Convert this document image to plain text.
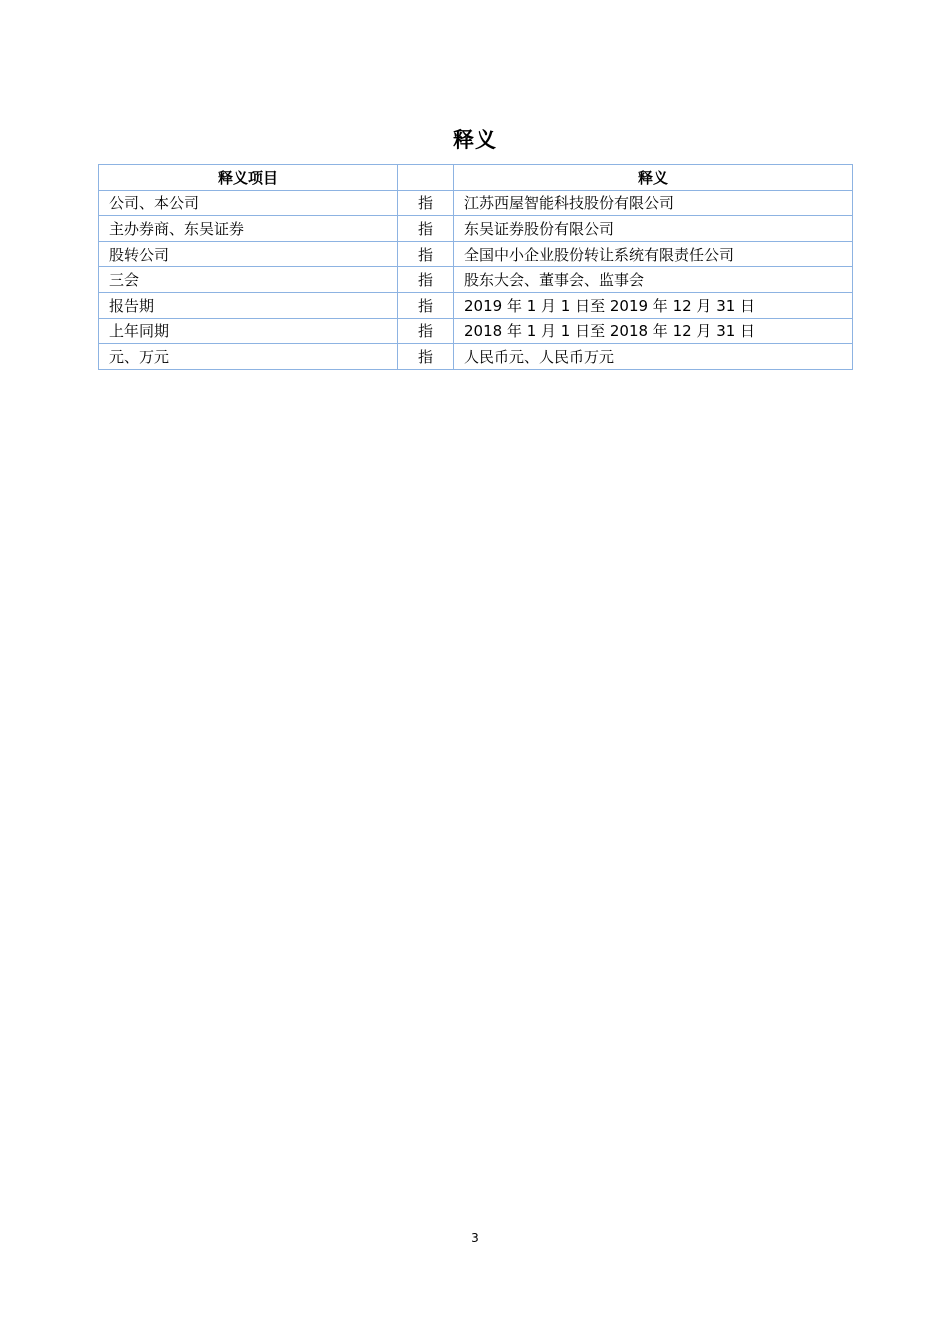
释义
释义项目		释义
公司、本公司	指	江苏西屋智能科技股份有限公司
主办券商、东吴证券	指	东吴证券股份有限公司
股转公司	指	全国中小企业股份转让系统有限责任公司
三会	指	股东大会、董事会、监事会
报告期	指	2019 年 1 月 1 日至 2019 年 12 月 31 日
上年同期	指	2018 年 1 月 1 日至 2018 年 12 月 31 日
元、万元	指	人民币元、人民币万元
3
